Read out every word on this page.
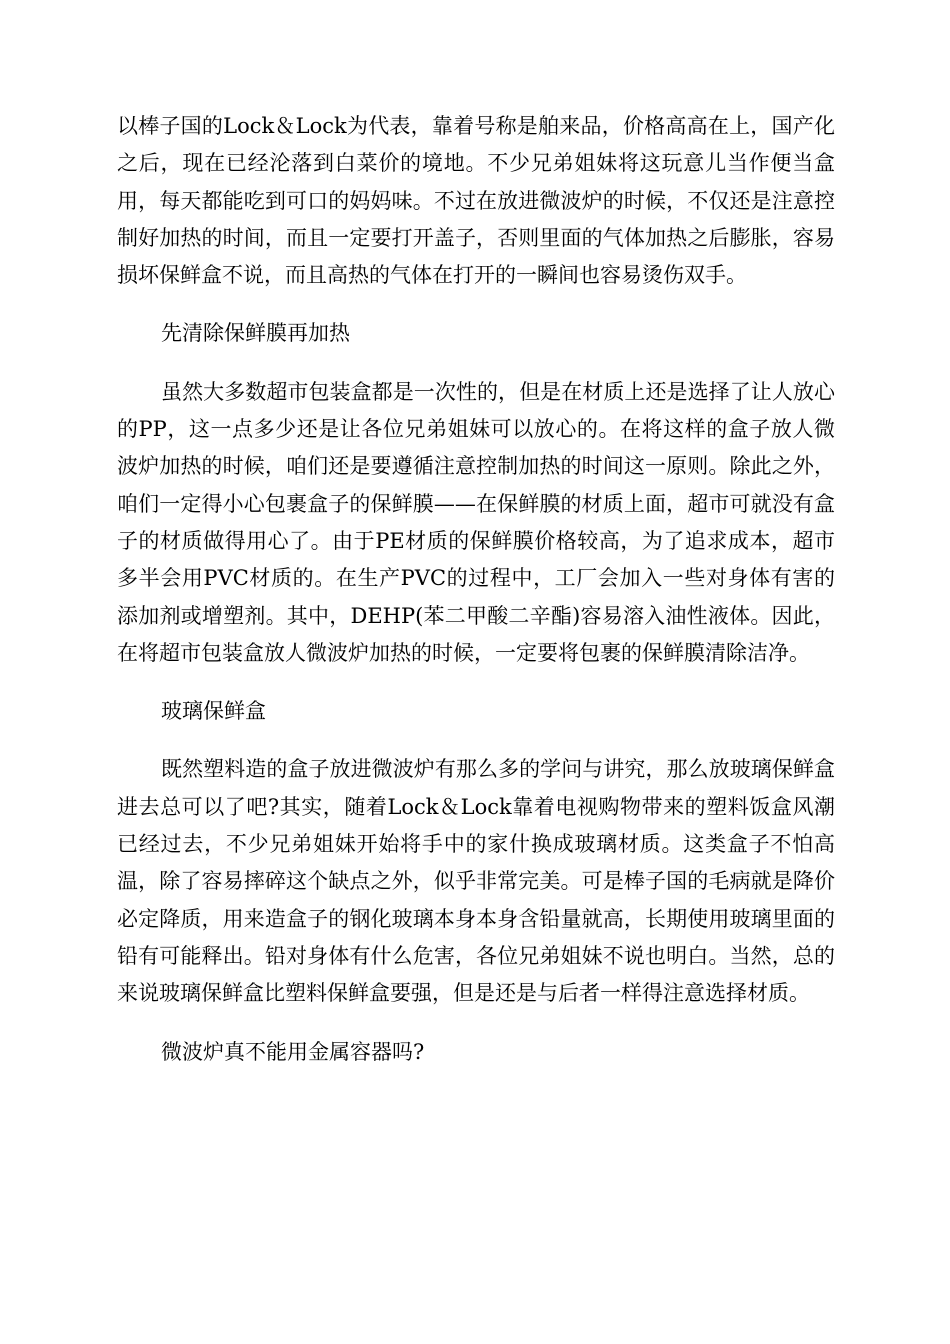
以棒子国的Lock＆Lock为代表，靠着号称是舶来品，价格高高在上，国产化之后，现在已经沦落到白菜价的境地。不少兄弟姐妹将这玩意儿当作便当盒用，每天都能吃到可口的妈妈味。不过在放进微波炉的时候，不仅还是注意控制好加热的时间，而且一定要打开盖子，否则里面的气体加热之后膨胀，容易损坏保鲜盒不说，而且高热的气体在打开的一瞬间也容易烫伤双手。

先清除保鲜膜再加热

虽然大多数超市包装盒都是一次性的，但是在材质上还是选择了让人放心的PP，这一点多少还是让各位兄弟姐妹可以放心的。在将这样的盒子放人微波炉加热的时候，咱们还是要遵循注意控制加热的时间这一原则。除此之外，咱们一定得小心包裹盒子的保鲜膜——在保鲜膜的材质上面，超市可就没有盒子的材质做得用心了。由于PE材质的保鲜膜价格较高，为了追求成本，超市多半会用PVC材质的。在生产PVC的过程中，工厂会加入一些对身体有害的添加剂或增塑剂。其中，DEHP(苯二甲酸二辛酯)容易溶入油性液体。因此，在将超市包装盒放人微波炉加热的时候，一定要将包裹的保鲜膜清除洁净。

玻璃保鲜盒

既然塑料造的盒子放进微波炉有那么多的学问与讲究，那么放玻璃保鲜盒进去总可以了吧?其实，随着Lock＆Lock靠着电视购物带来的塑料饭盒风潮已经过去，不少兄弟姐妹开始将手中的家什换成玻璃材质。这类盒子不怕高温，除了容易摔碎这个缺点之外，似乎非常完美。可是棒子国的毛病就是降价必定降质，用来造盒子的钢化玻璃本身本身含铅量就高，长期使用玻璃里面的铅有可能释出。铅对身体有什么危害，各位兄弟姐妹不说也明白。当然，总的来说玻璃保鲜盒比塑料保鲜盒要强，但是还是与后者一样得注意选择材质。

微波炉真不能用金属容器吗?
